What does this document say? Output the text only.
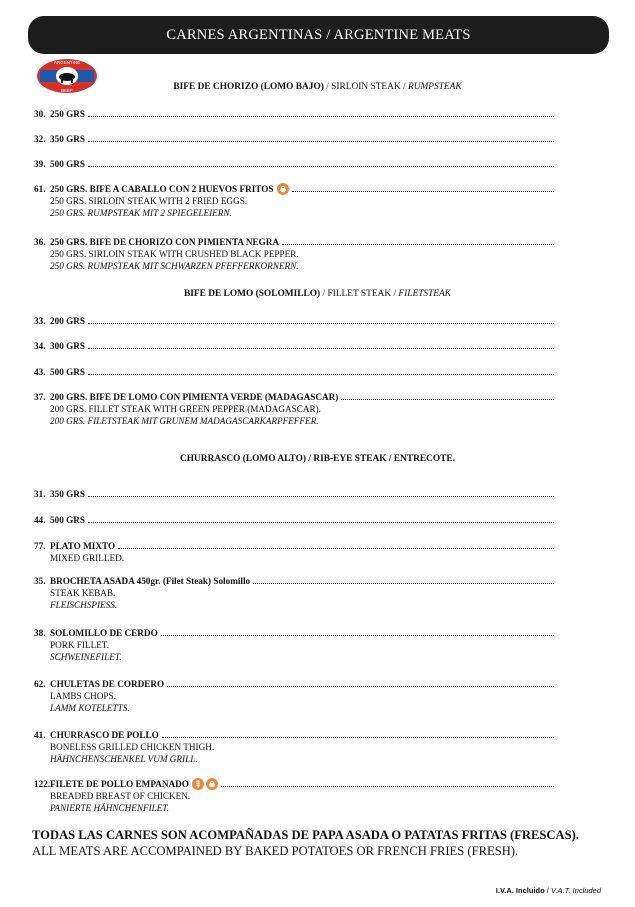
CARNES ARGENTINAS / ARGENTINE MEATS
ARGENTINE
BEEF	BIFE DE CHORIZO (LOMO BAJO) / SIRLOIN STEAK / RUMPSTEAK
30. 250 GRS
32. 350 GRS
39. 500 GRS
61. 250 GRS. BIFE A CABALLO CON 2 HUEVOS FRITOS
250 GRS. SIRLOIN STEAK WITH 2 FRIED EGGS.
250 GRS. RUMPSTEAK MIT 2 SPIEGELEIERN.
36. 250 GRS. BIFE DE CHORIZO CON PIMIENTA NEGRA
250 GRS. SIRLOIN STEAK WITH CRUSHED BLACK PEPPER.
250 GRS. RUMPSTEAK MIT SCHWARZEN PFEFFERKORNERN.
BIFE DE LOMO (SOLOMILLO) / FILLET STEAK / FILETSTEAK
33. 200 GRS
34. 300 GRS
43. 500 GRS
37. 200 GRS. BIFE DE LOMO CON PIMIENTA VERDE (MADAGASCAR)
200 GRS. FILLET STEAK WITH GREEN PEPPER (MADAGASCAR).
200 GRS. FILETSTEAK MIT GRUNEM MADAGASCARKARPFEFFER.
CHURRASCO (LOMO ALTO) / RIB-EYE STEAK / ENTRECOTE.
31. 350 GRS
44. 500 GRS
77. PLATO MIXTO
MIXED GRILLED.
35. BROCHETA ASADA 450gr. (Filet Steak) Solomillo
STEAK KEBAB.
FLEISCHSPIESS.
38. SOLOMILLO DE CERDO
PORK FILLET.
SCHWEINEFILET.
62. CHULETAS DE CORDERO
LAMBS CHOPS.
LAMM KOTELETTS.
41. CHURRASCO DE POLLO
BONELESS GRILLED CHICKEN THIGH.
HÄHNCHENSCHENKEL VUM GRILL.
122. FILETE DE POLLO EMPANADO
BREADED BREAST OF CHICKEN.
PANIERTE HÄHNCHENFILET.
TODAS LAS CARNES SON ACOMPAÑADAS DE PAPA ASADA O PATATAS FRITAS (FRESCAS).
ALL MEATS ARE ACCOMPAINED BY BAKED POTATOES OR FRENCH FRIES (FRESH).
I.V.A. Incluido / V.A.T. Included
